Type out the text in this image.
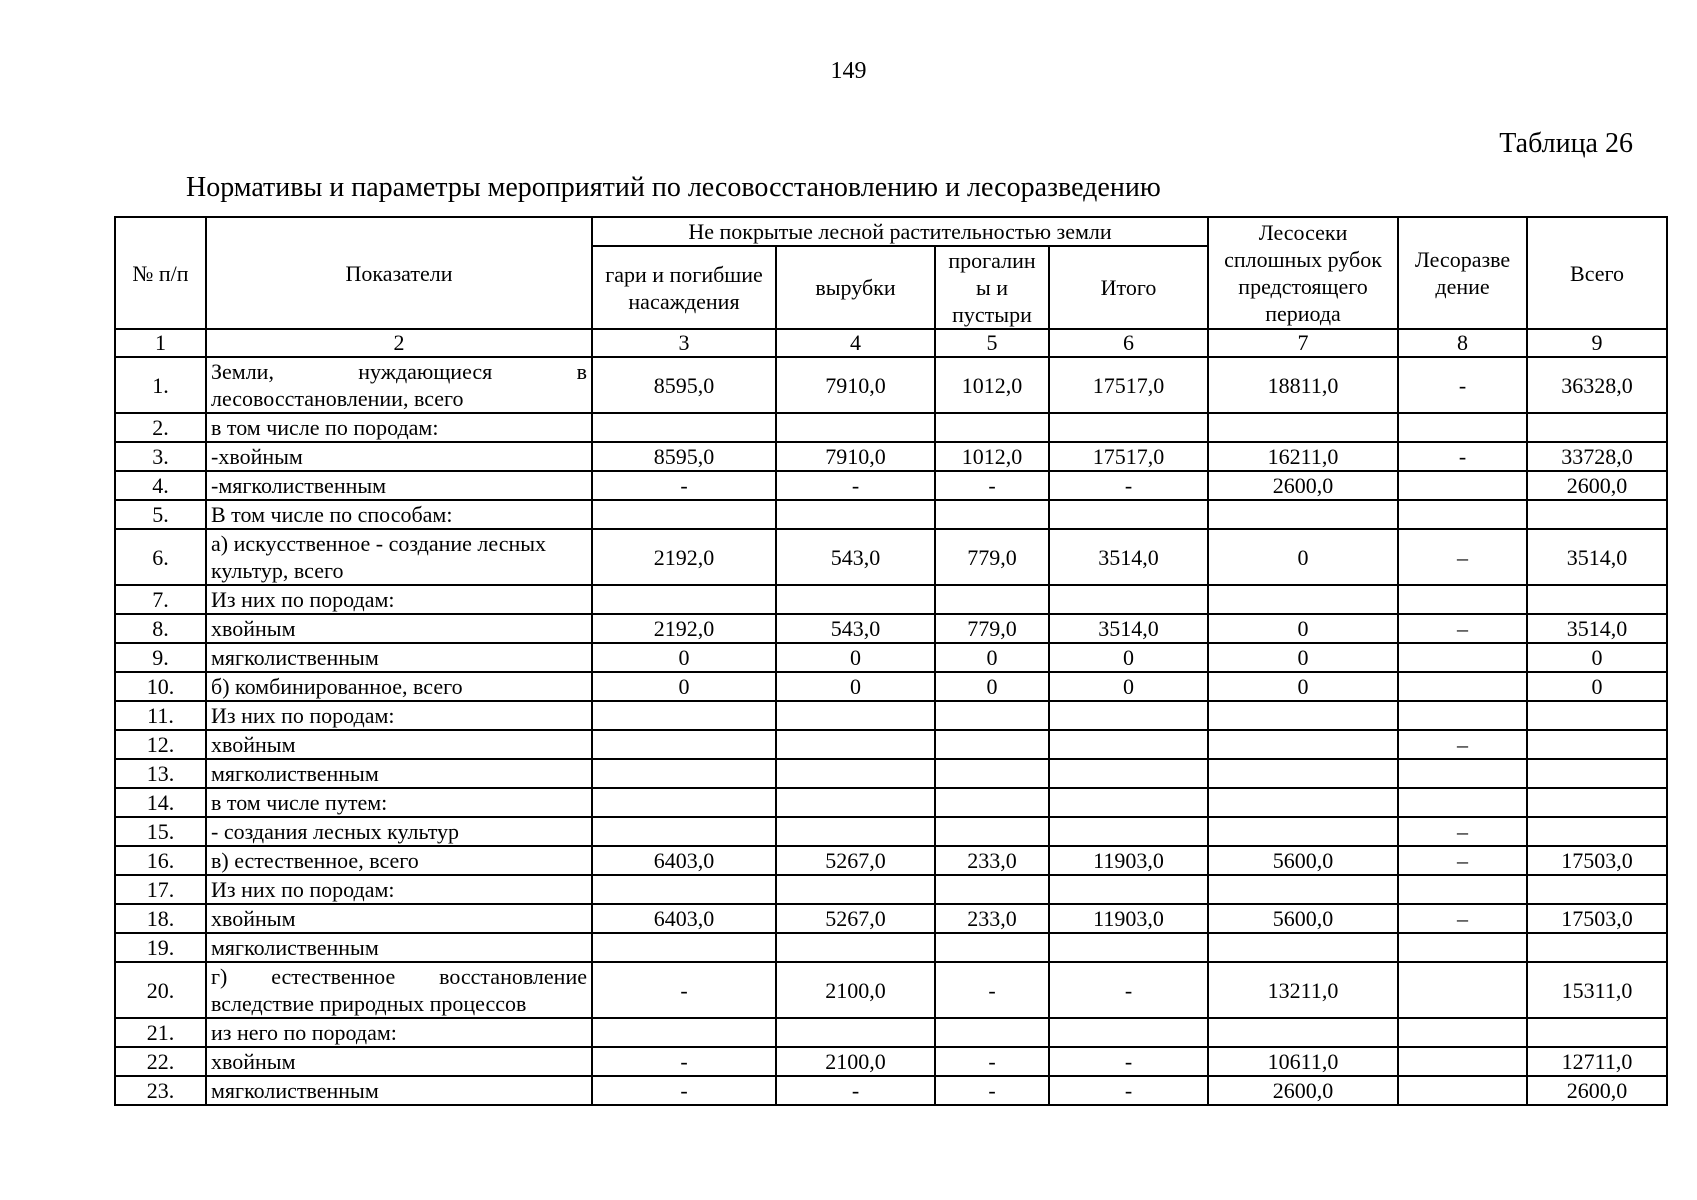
149
Таблица 26
Нормативы и параметры мероприятий по лесовосстановлению и лесоразведению
№ п/п	Показатели	Не покрытые лесной растительностью земли				Лесосеки сплошных рубок предстоящего периода	Лесоразве дение	Всего
		гари и погибшие насаждения	вырубки	прогалин ы и пустыри	Итого			
1	2	3	4	5	6	7	8	9
1.	Земли, нуждающиеся в лесовосстановлении, всего	8595,0	7910,0	1012,0	17517,0	18811,0	-	36328,0
2.	в том числе по породам:							
3.	-хвойным	8595,0	7910,0	1012,0	17517,0	16211,0	-	33728,0
4.	-мягколиственным	-	-	-	-	2600,0		2600,0
5.	В том числе по способам:							
6.	а) искусственное - создание лесных культур, всего	2192,0	543,0	779,0	3514,0	0	–	3514,0
7.	Из них по породам:							
8.	хвойным	2192,0	543,0	779,0	3514,0	0	–	3514,0
9.	мягколиственным	0	0	0	0	0		0
10.	б) комбинированное, всего	0	0	0	0	0		0
11.	Из них по породам:							
12.	хвойным						–	
13.	мягколиственным							
14.	в том числе путем:							
15.	- создания лесных культур						–	
16.	в) естественное, всего	6403,0	5267,0	233,0	11903,0	5600,0	–	17503,0
17.	Из них по породам:							
18.	хвойным	6403,0	5267,0	233,0	11903,0	5600,0	–	17503,0
19.	мягколиственным							
20.	г) естественное восстановление вследствие природных процессов	-	2100,0	-	-	13211,0		15311,0
21.	из него по породам:							
22.	хвойным	-	2100,0	-	-	10611,0		12711,0
23.	мягколиственным	-	-	-	-	2600,0		2600,0
